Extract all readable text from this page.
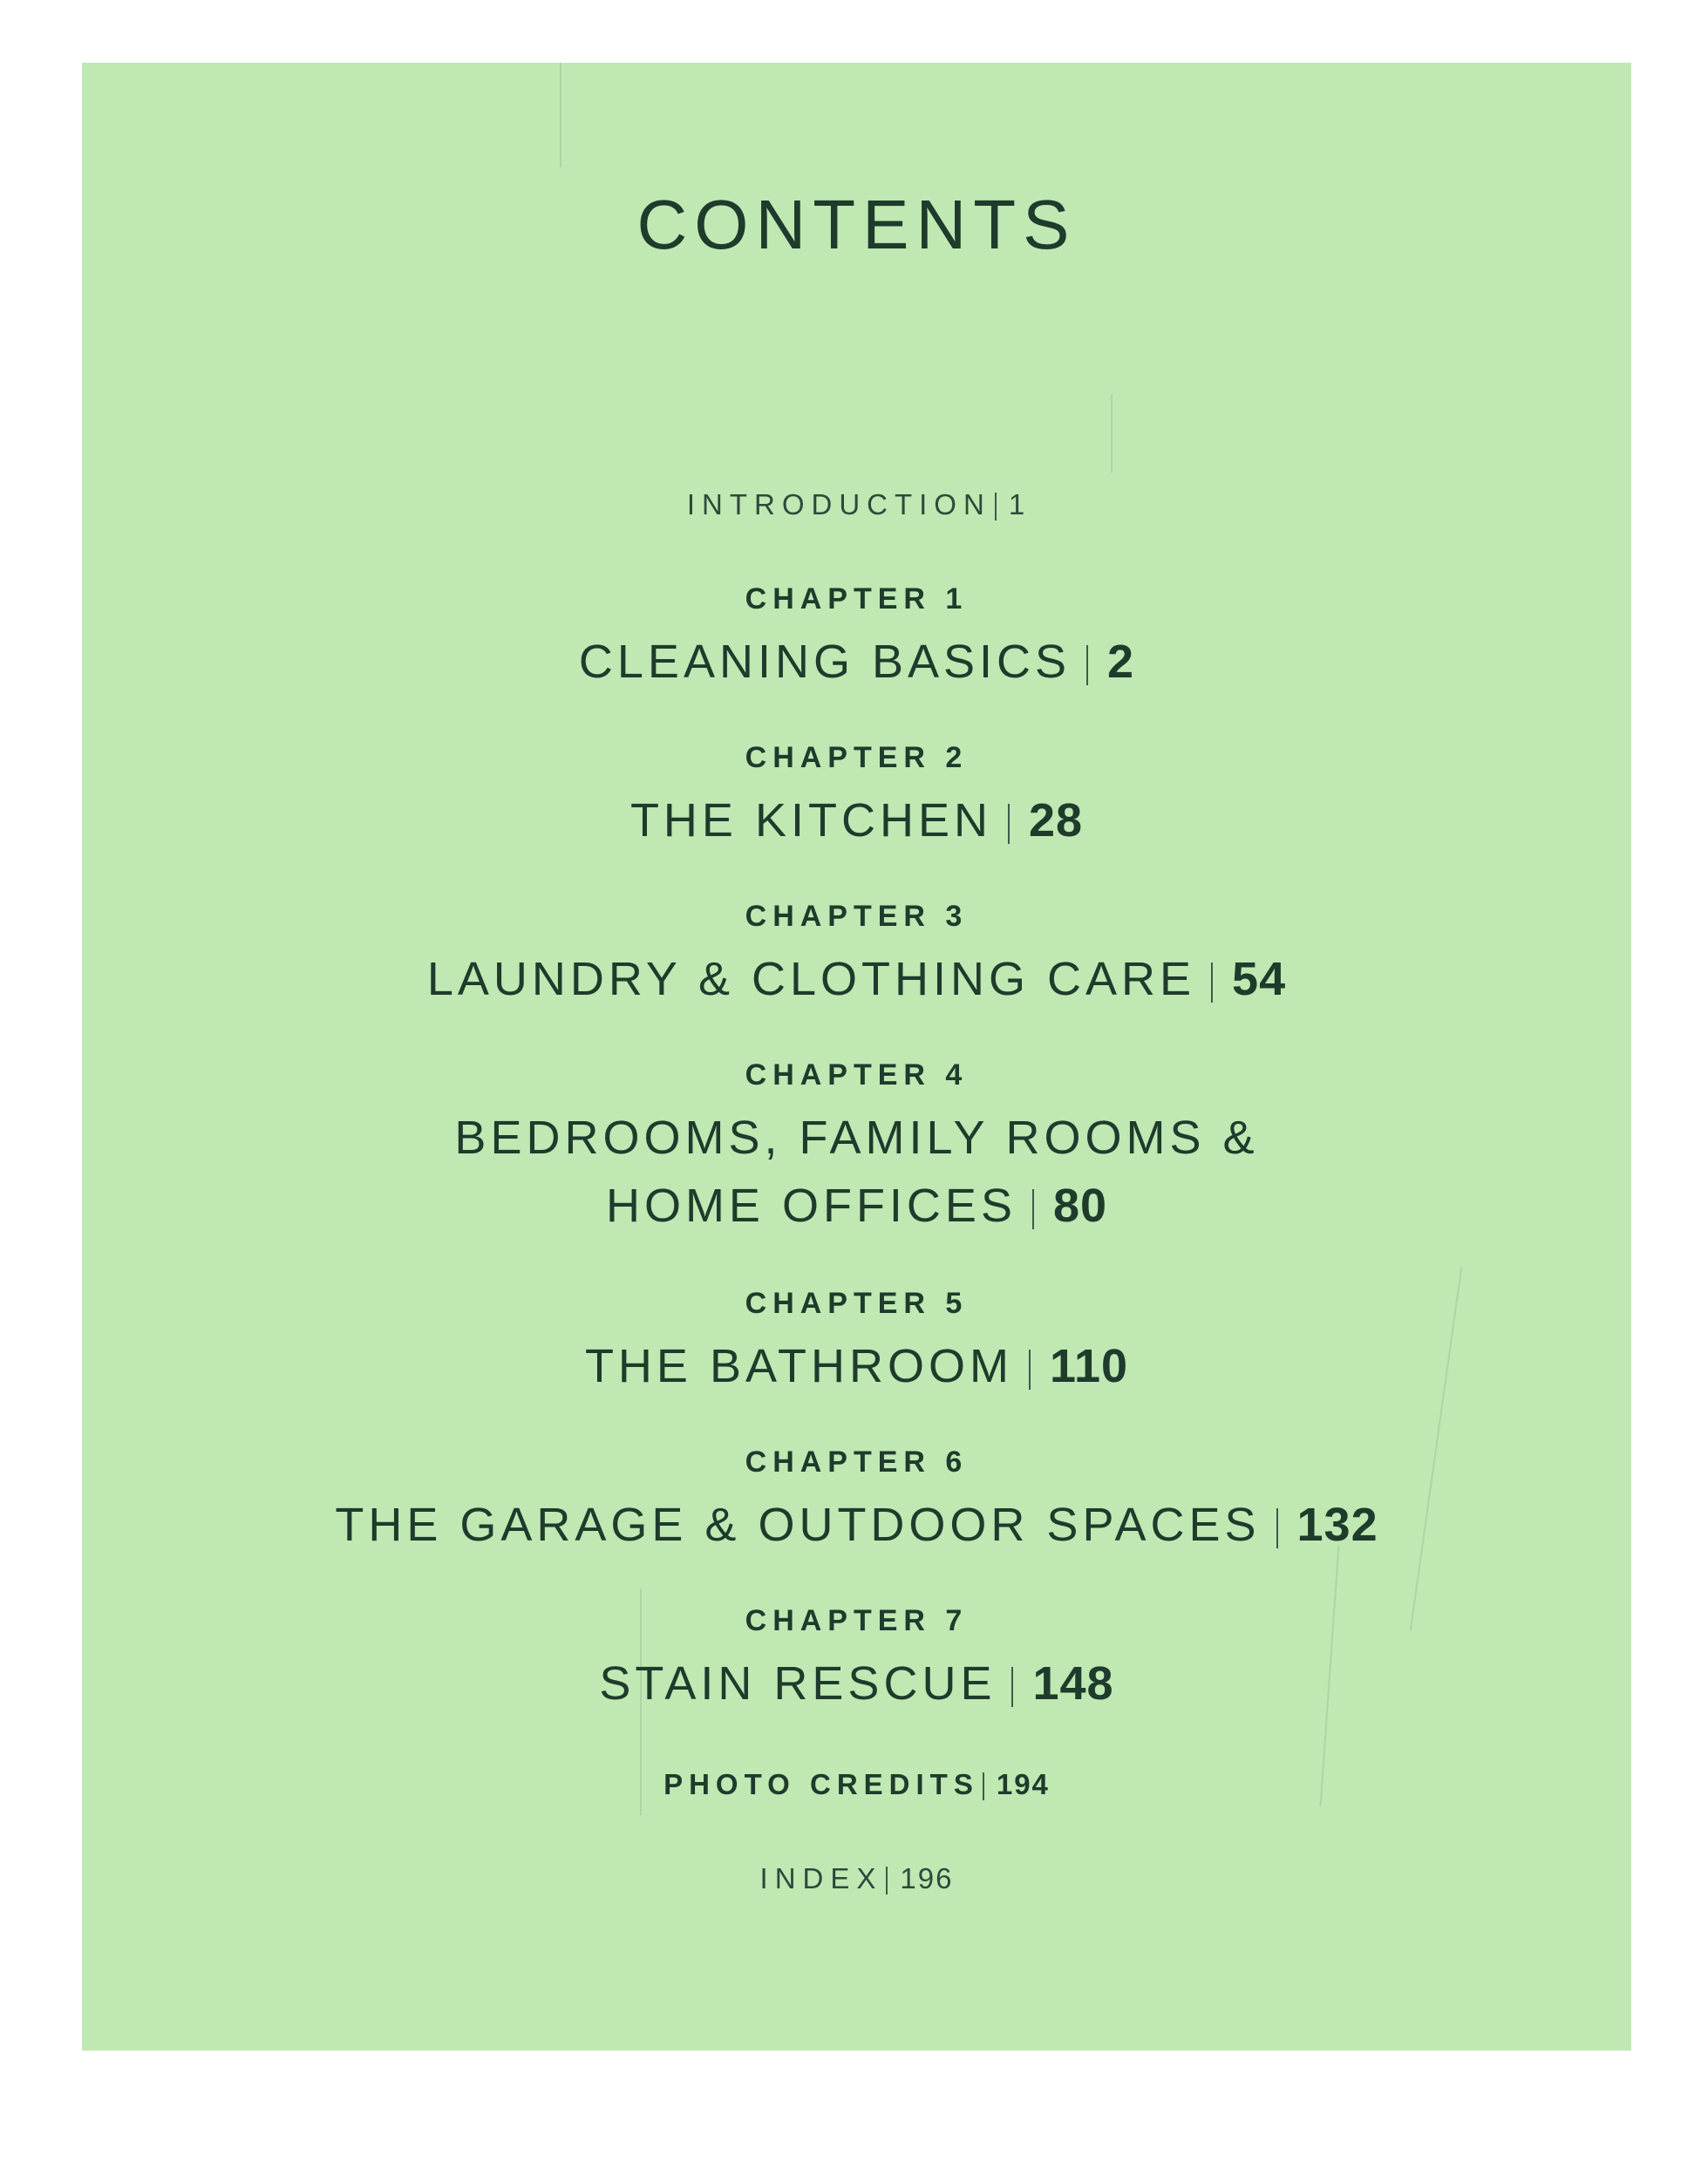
CONTENTS
INTRODUCTION 1
CHAPTER 1
CLEANING BASICS 2
CHAPTER 2
THE KITCHEN 28
CHAPTER 3
LAUNDRY & CLOTHING CARE 54
CHAPTER 4
BEDROOMS, FAMILY ROOMS &
HOME OFFICES 80
CHAPTER 5
THE BATHROOM 110
CHAPTER 6
THE GARAGE & OUTDOOR SPACES 132
CHAPTER 7
STAIN RESCUE 148
PHOTO CREDITS 194
INDEX 196
